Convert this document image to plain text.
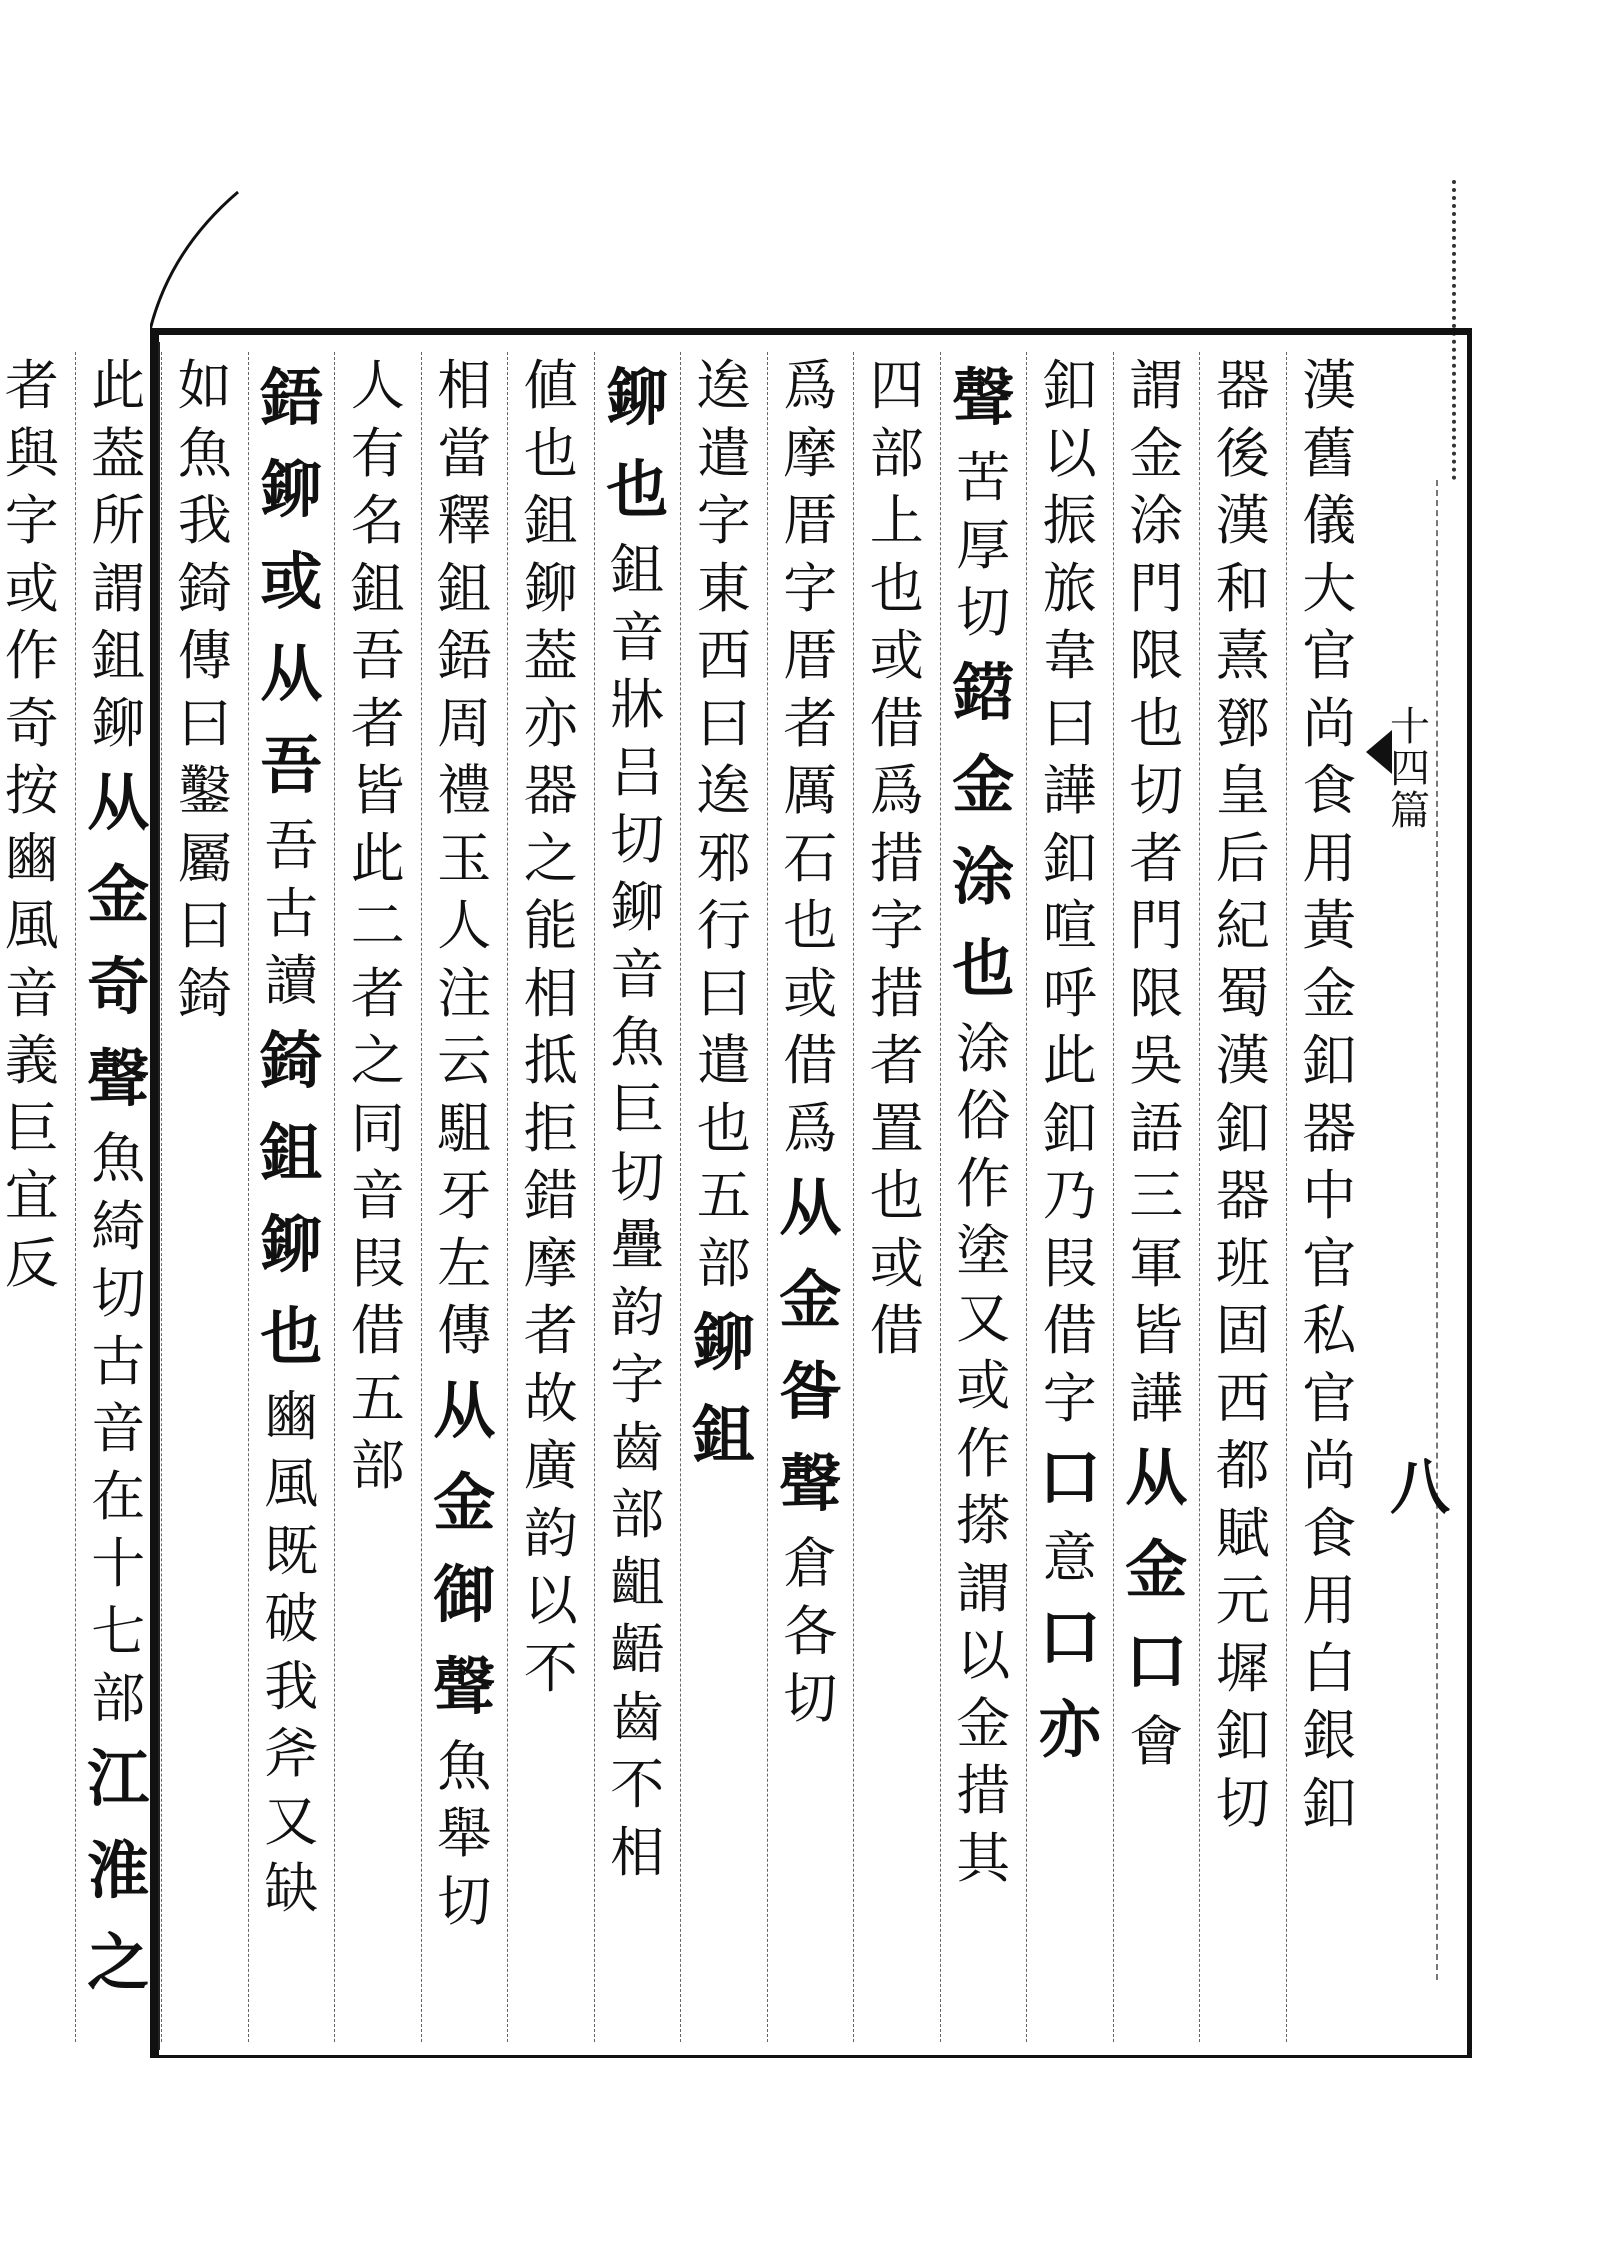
十
四
篇
八
漢
舊
儀
大
官
尚
食
用
黃
金
釦
器
中
官
私
官
尚
食
用
白
銀
釦
器
後
漢
和
熹
鄧
皇
后
紀
蜀
漢
釦
器
班
固
西
都
賦
元
墀
釦
切
謂
金
涂
門
限
也
切
者
門
限
吳
語
三
軍
皆
譁
从
金
口
會
釦
以
振
旅
韋
曰
譁
釦
喧
呼
此
釦
乃
叚
借
字
口
意
口
亦
聲
苦
厚
切
鍣
金
涂
也
涂
俗
作
塗
又
或
作
搽
謂
以
金
措
其
四
部
上
也
或
借
爲
措
字
措
者
置
也
或
借
爲
摩
厝
字
厝
者
厲
石
也
或
借
爲
从
金
昝
聲
倉
各
切
逘
遣
字
東
西
曰
逘
邪
行
曰
遣
也
五
部
鉚
鉏
鉚
也
鉏
音
牀
吕
切
鉚
音
魚
巨
切
疊
韵
字
齒
部
齟
齬
齒
不
相
値
也
鉏
鉚
葢
亦
器
之
能
相
抵
拒
錯
摩
者
故
廣
韵
以
不
相
當
釋
鉏
鋙
周
禮
玉
人
注
云
駔
牙
左
傳
从
金
御
聲
魚
舉
切
人
有
名
鉏
吾
者
皆
此
二
者
之
同
音
叚
借
五
部
鋙
鉚
或
从
吾
吾
古
讀
錡
鉏
鉚
也
豳
風
既
破
我
斧
又
缺
如
魚
我
錡
傳
曰
鑿
屬
曰
錡
此
葢
所
謂
鉏
鉚
从
金
奇
聲
魚
綺
切
古
音
在
十
七
部
江
淮
之
者
與
字
或
作
奇
按
豳
風
音
義
巨
宜
反
